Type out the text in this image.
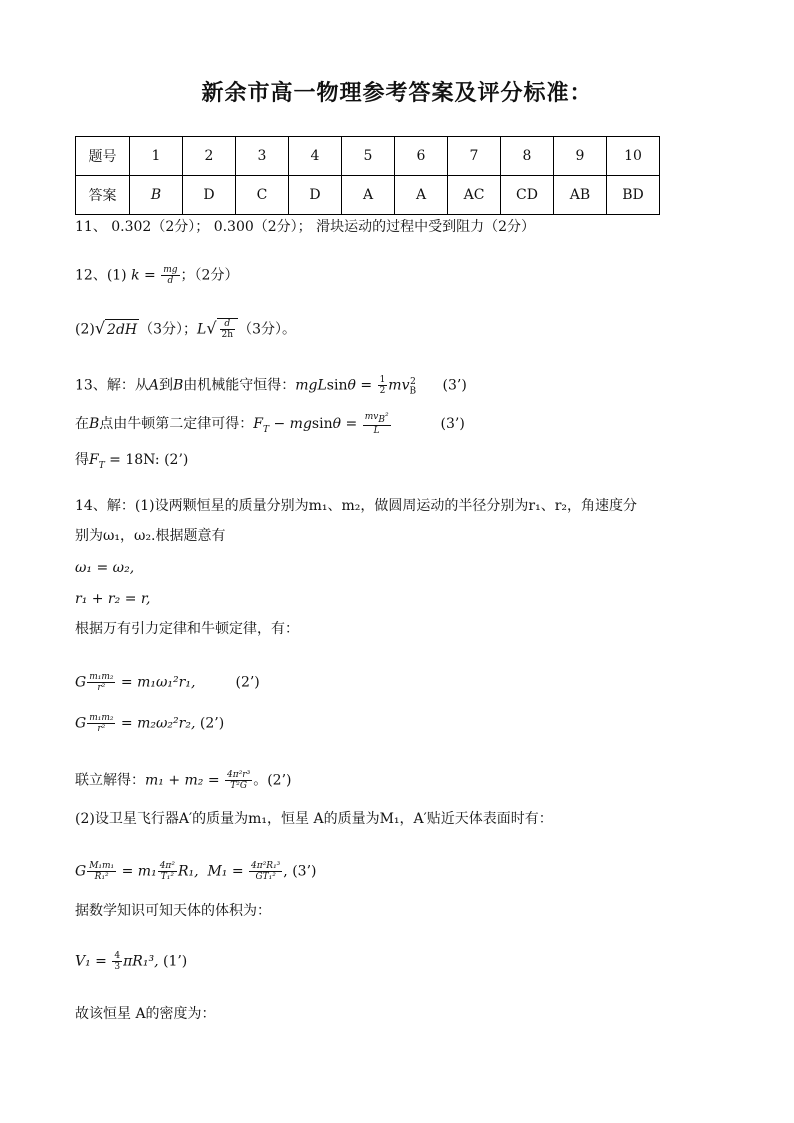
新余市高一物理参考答案及评分标准：
题号	1	2	3	4	5	6	7	8	9	10
答案	B	D	C	D	A	A	AC	CD	AB	BD
11、 0.302（2分）； 0.300（2分）； 滑块运动的过程中受到阻力（2分）
12、(1) $k = \frac{mg}{d}$ ；（2分）
(2)√ 2dH （3分）；$L√ \frac{d}{2h} (3$分）。
13、解：从A到B由机械能守恒得：$mgLsin\theta = \frac{1}{2} mv_B^2$ (3’)
在B点由牛顿第二定律可得：$F_T - mgsin\theta = mv_B^2$
L	(3’)
得$F_T = 18N$: (2’)
14、解：(1)设两颗恒星的质量分别为m₁、m₂，做圆周运动的半径分别为r₁、r₂，角速度分
别为ω₁，ω₂.根据题意有
ω₁ = ω₂,
r₁ + r₂ = r,
根据万有引力定律和牛顿定律，有：
G $\frac{\text{m₁m₂}}{\text{r²}} = m_1\omega_1^2r_1$,	(2’)
G $\frac{\text{m₁m₂}}{\text{r²}} = m_2\omega_2^2r_2$, (2’)
联立解得：$m_1 + m_2 = \frac{\text{4π²r³}}{\text{T²G}}$ 。(2’)
(2)设卫星飞行器A′的质量为m₁，恒星 A的质量为M₁，A′贴近天体表面时有：
G $\frac{\text{M₁m₁}}{\text{R₁²}} = m_1 \frac{\text{4π²}}{\text{T₁²}} R_1$, $M_1 = \frac{\text{4π²R₁³}}{\text{GT₁²}}$ , (3’)
据数学知识可知天体的体积为：
$V_1 = \frac{4}{3} \pi R_1^3$, (1’)
故该恒星 A的密度为：
